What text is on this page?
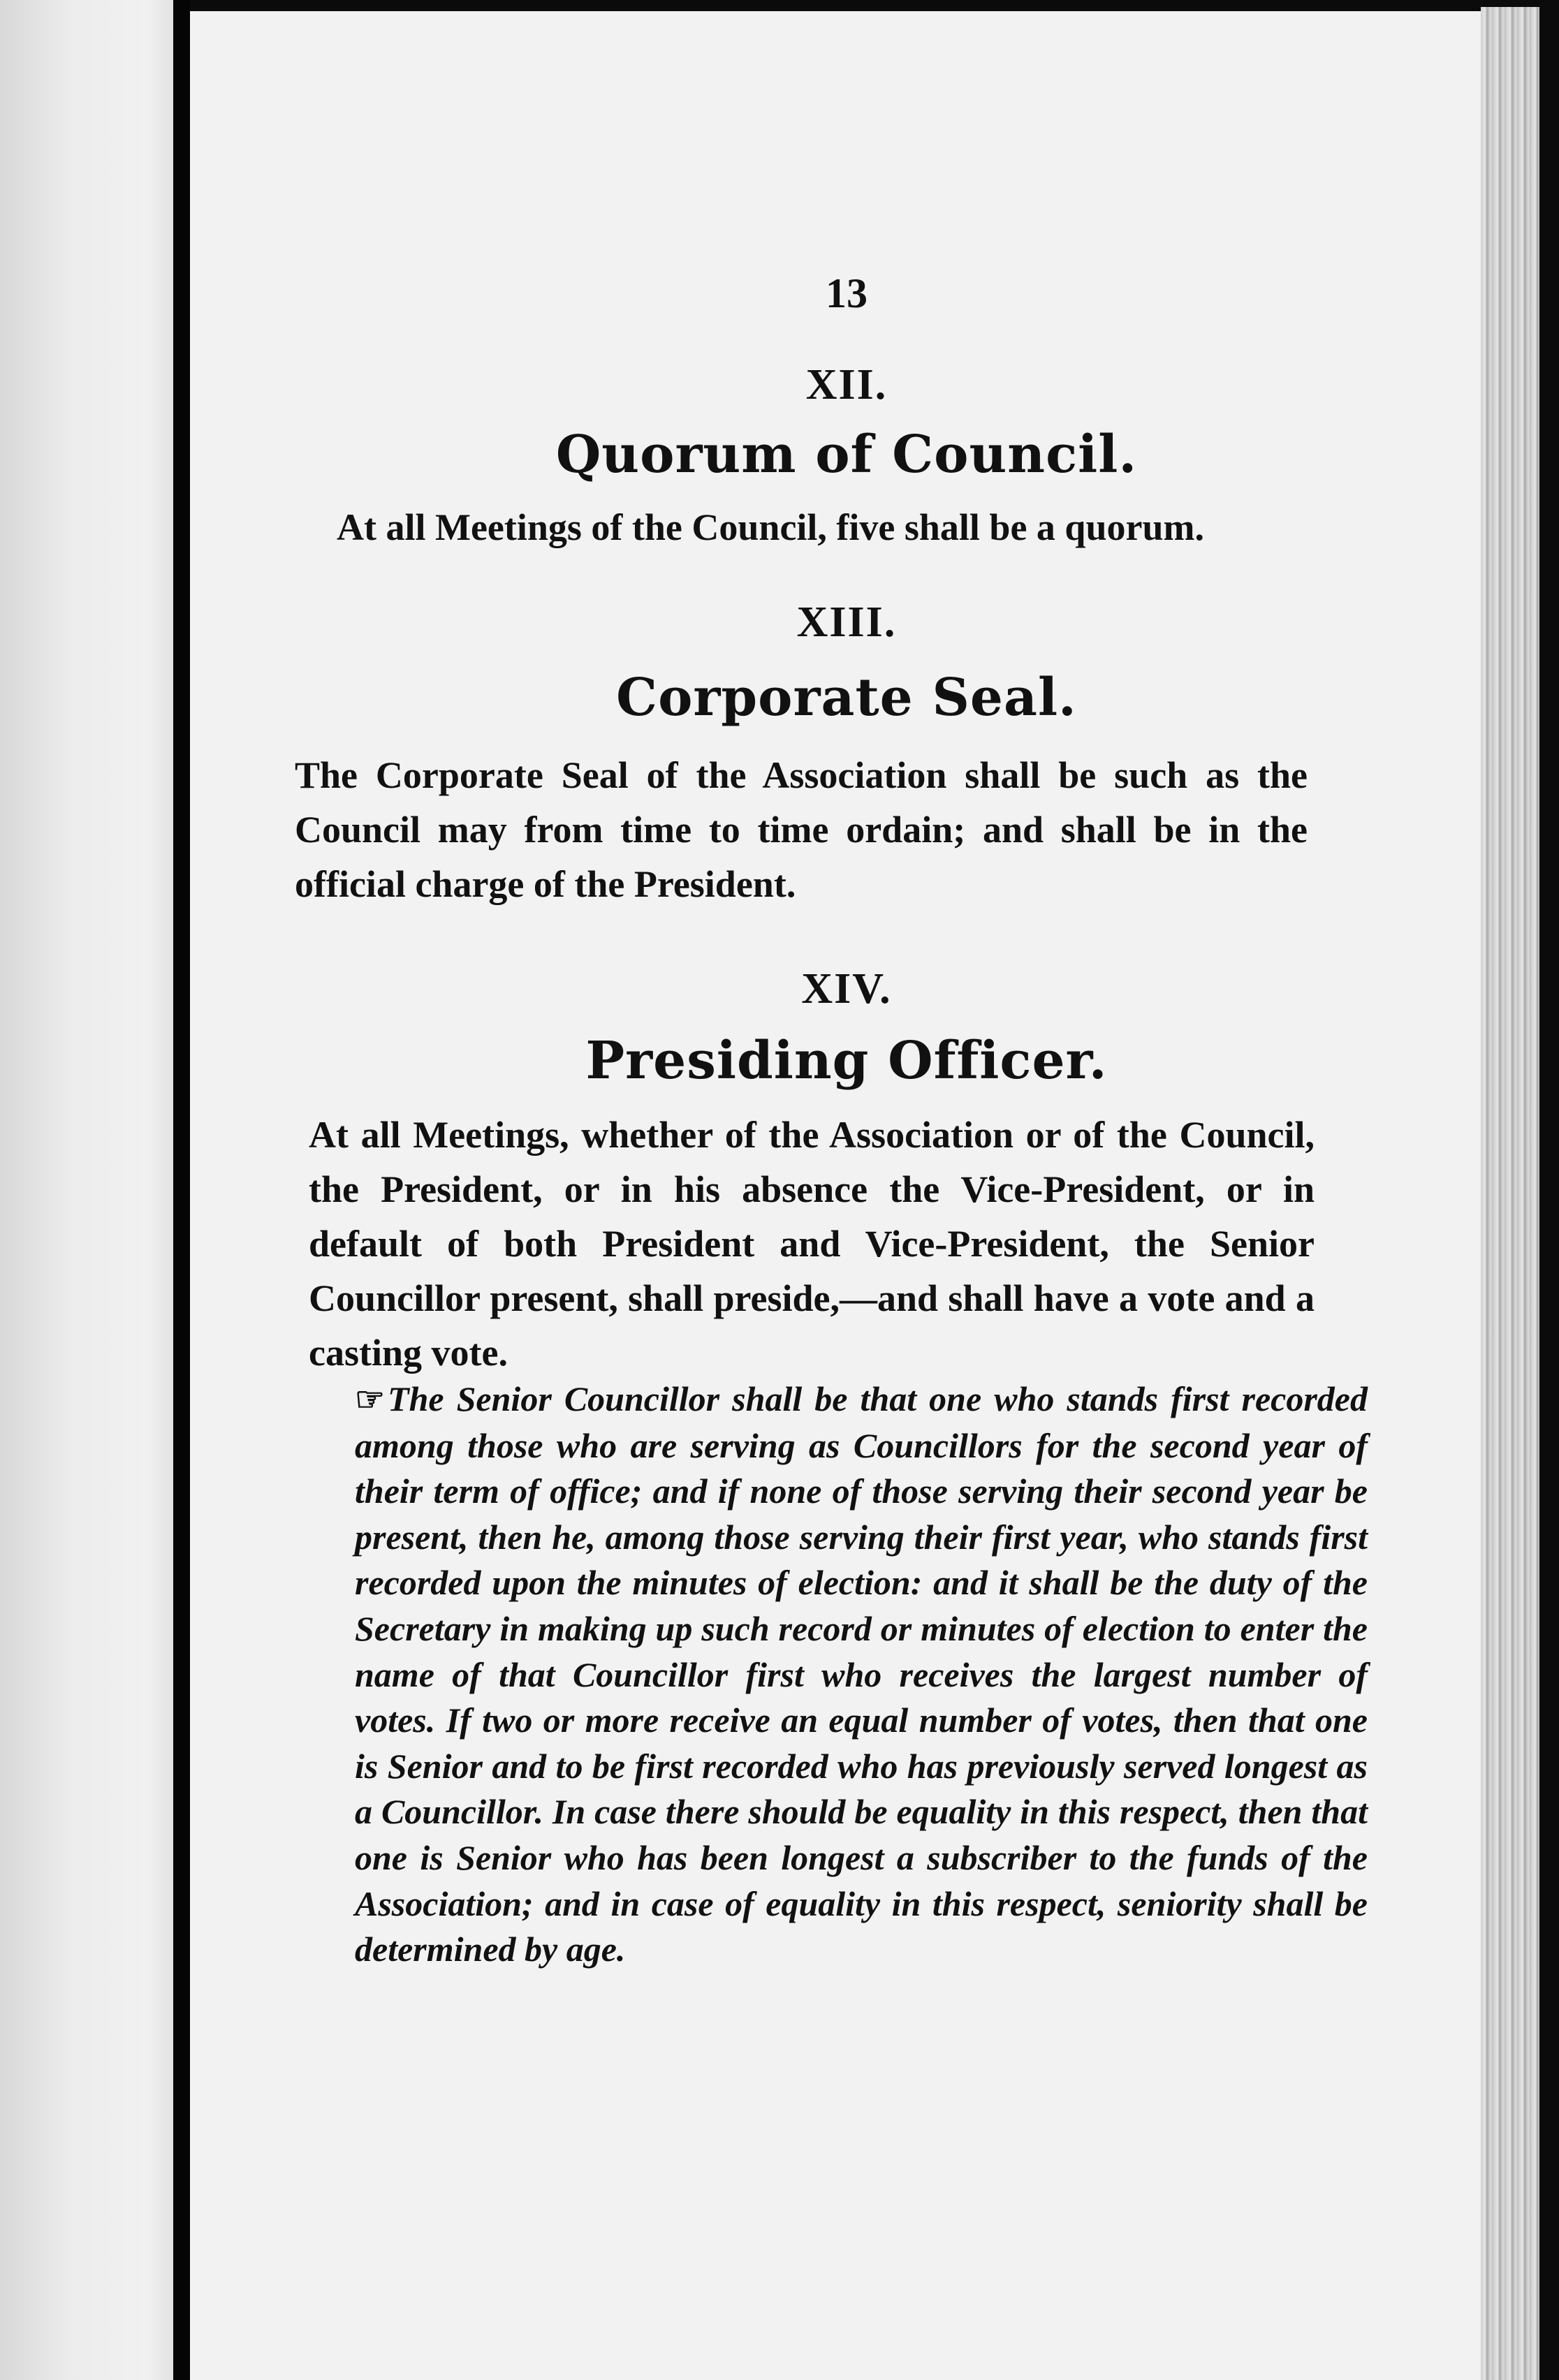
13
XII.
Quorum of Council.

At all Meetings of the Council, five shall be a quorum.

XIII.
Corporate Seal.

The Corporate Seal of the Association shall be such as the Council may from time to time ordain; and shall be in the official charge of the President.

XIV.
Presiding Officer.

At all Meetings, whether of the Association or of the Council, the President, or in his absence the Vice-President, or in default of both President and Vice-President, the Senior Councillor present, shall preside,—and shall have a vote and a casting vote.

☞The Senior Councillor shall be that one who stands first recorded among those who are serving as Councillors for the second year of their term of office; and if none of those serving their second year be present, then he, among those serving their first year, who stands first recorded upon the minutes of election: and it shall be the duty of the Secretary in making up such record or minutes of election to enter the name of that Councillor first who receives the largest number of votes. If two or more receive an equal number of votes, then that one is Senior and to be first recorded who has previously served longest as a Councillor. In case there should be equality in this respect, then that one is Senior who has been longest a subscriber to the funds of the Association; and in case of equality in this respect, seniority shall be determined by age.
